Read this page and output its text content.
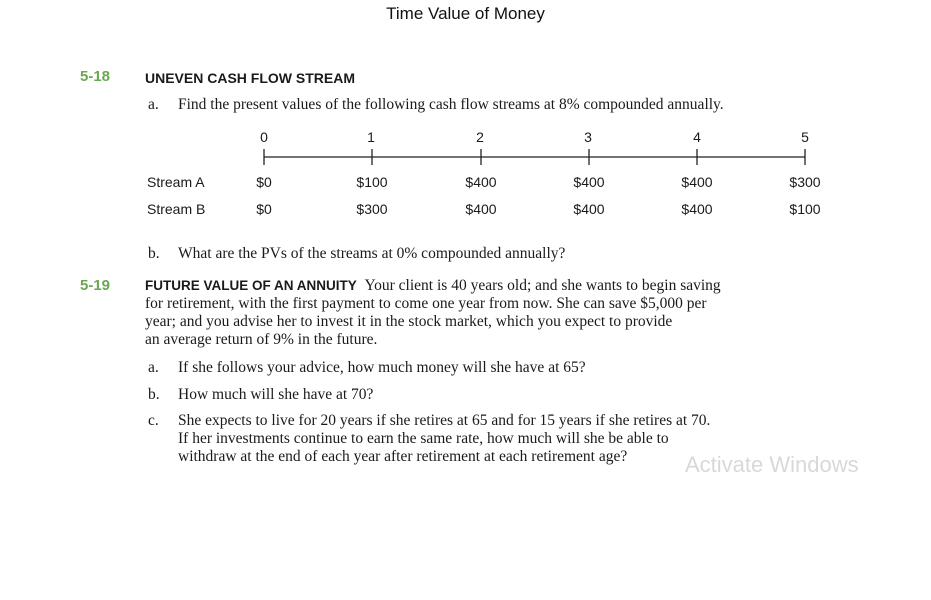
Time Value of Money
5-18 UNEVEN CASH FLOW STREAM
a. Find the present values of the following cash flow streams at 8% compounded annually.
0	1	2	3	4	5
Stream A	$0	$100	$400	$400	$400	$300
Stream B	$0	$300	$400	$400	$400	$100
b. What are the PVs of the streams at 0% compounded annually?
5-19	FUTURE VALUE OF AN ANNUITY Your client is 40 years old; and she wants to begin saving
for retirement, with the first payment to come one year from now. She can save $5,000 per
year; and you advise her to invest it in the stock market, which you expect to provide
an average return of 9% in the future.
a. If she follows your advice, how much money will she have at 65?
b. How much will she have at 70?
c. She expects to live for 20 years if she retires at 65 and for 15 years if she retires at 70.
If her investments continue to earn the same rate, how much will she be able to
withdraw at the end of each year after retirement at each retirement age?	Activate Windows
